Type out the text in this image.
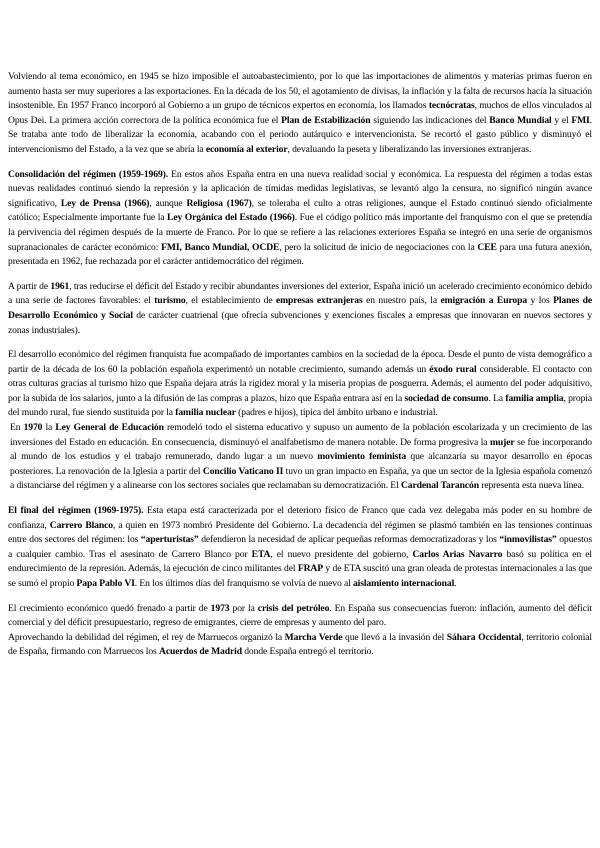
Volviendo al tema económico, en 1945 se hizo imposible el autoabastecimiento, por lo que las importaciones de alimentos y materias primas fueron en aumento hasta ser muy superiores a las exportaciones. En la década de los 50, el agotamiento de divisas, la inflación y la falta de recursos hacía la situación insostenible. En 1957 Franco incorporó al Gobierno a un grupo de técnicos expertos en economía, los llamados tecnócratas, muchos de ellos vinculados al Opus Dei. La primera acción correctora de la política económica fue el Plan de Estabilización siguiendo las indicaciones del Banco Mundial y el FMI. Se trataba ante todo de liberalizar la economía, acabando con el periodo autárquico e intervencionista. Se recortó el gasto público y disminuyó el intervencionismo del Estado, a la vez que se abría la economía al exterior, devaluando la peseta y liberalizando las inversiones extranjeras.

Consolidación del régimen (1959-1969). En estos años España entra en una nueva realidad social y económica. La respuesta del régimen a todas estas nuevas realidades continuó siendo la represión y la aplicación de tímidas medidas legislativas, se levantó algo la censura, no significó ningún avance significativo, Ley de Prensa (1966), aunque Religiosa (1967), se toleraba el culto a otras religiones, aunque el Estado continuó siendo oficialmente católico; Especialmente importante fue la Ley Orgánica del Estado (1966). Fue el código político más importante del franquismo con el que se pretendía la pervivencia del régimen después de la muerte de Franco. Por lo que se refiere a las relaciones exteriores España se integró en una serie de organismos supranacionales de carácter económico: FMI, Banco Mundial, OCDE, pero la solicitud de inicio de negociaciones con la CEE para una futura anexión, presentada en 1962, fue rechazada por el carácter antidemocrático del régimen.

A partir de 1961, tras reducirse el déficit del Estado y recibir abundantes inversiones del exterior, España inició un acelerado crecimiento económico debido a una serie de factores favorables: el turismo, el establecimiento de empresas extranjeras en nuestro país, la emigración a Europa y los Planes de Desarrollo Económico y Social de carácter cuatrienal (que ofrecía subvenciones y exenciones fiscales a empresas que innovaran en nuevos sectores y zonas industriales).

El desarrollo económico del régimen franquista fue acompañado de importantes cambios en la sociedad de la época. Desde el punto de vista demográfico a partir de la década de los 60 la población española experimentó un notable crecimiento, sumando además un éxodo rural considerable. El contacto con otras culturas gracias al turismo hizo que España dejara atrás la rigidez moral y la miseria propias de posguerra. Además, el aumento del poder adquisitivo, por la subida de los salarios, junto a la difusión de las compras a plazos, hizo que España entrara así en la sociedad de consumo. La familia amplia, propia del mundo rural, fue siendo sustituida por la familia nuclear (padres e hijos), típica del ámbito urbano e industrial.

En 1970 la Ley General de Educación remodeló todo el sistema educativo y supuso un aumento de la población escolarizada y un crecimiento de las inversiones del Estado en educación. En consecuencia, disminuyó el analfabetismo de manera notable. De forma progresiva la mujer se fue incorporando al mundo de los estudios y el trabajo remunerado, dando lugar a un nuevo movimiento feminista que alcanzaría su mayor desarrollo en épocas posteriores. La renovación de la Iglesia a partir del Concilio Vaticano II tuvo un gran impacto en España, ya que un sector de la Iglesia española comenzó a distanciarse del régimen y a alinearse con los sectores sociales que reclamaban su democratización. El Cardenal Tarancón representa esta nueva línea.

El final del régimen (1969-1975). Esta etapa está caracterizada por el deterioro físico de Franco que cada vez delegaba más poder en su hombre de confianza, Carrero Blanco, a quien en 1973 nombró Presidente del Gobierno. La decadencia del régimen se plasmó también en las tensiones continuas entre dos sectores del régimen: los “aperturistas” defendieron la necesidad de aplicar pequeñas reformas democratizadoras y los “inmovilistas” opuestos a cualquier cambio. Tras el asesinato de Carrero Blanco por ETA, el nuevo presidente del gobierno, Carlos Arias Navarro basó su política en el endurecimiento de la represión. Además, la ejecución de cinco militantes del FRAP y de ETA suscitó una gran oleada de protestas internacionales a las que se sumó el propio Papa Pablo VI. En los últimos días del franquismo se volvía de nuevo al aislamiento internacional.

El crecimiento económico quedó frenado a partir de 1973 por la crisis del petróleo. En España sus consecuencias fueron: inflación, aumento del déficit comercial y del déficit presupuestario, regreso de emigrantes, cierre de empresas y aumento del paro.

Aprovechando la debilidad del régimen, el rey de Marruecos organizó la Marcha Verde que llevó a la invasión del Sáhara Occidental, territorio colonial de España, firmando con Marruecos los Acuerdos de Madrid donde España entregó el territorio.
